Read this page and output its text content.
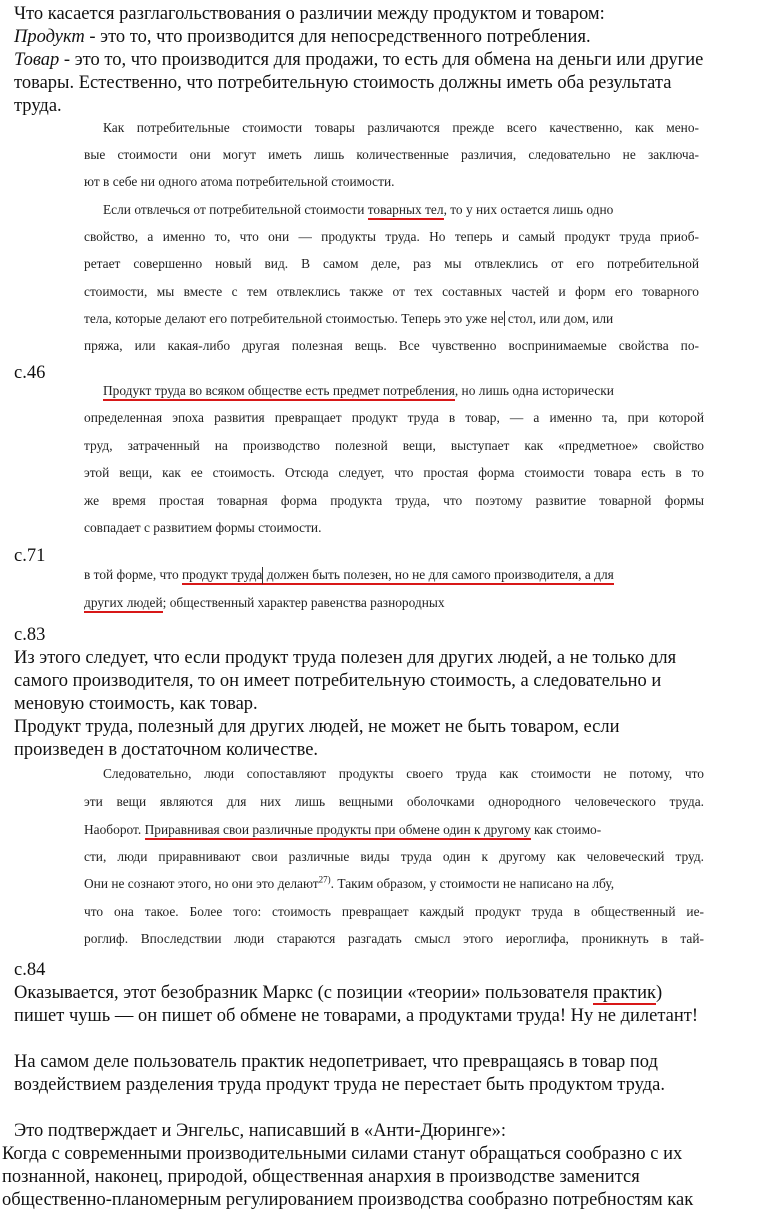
Что касается разглагольствования о различии между продуктом и товаром:
Продукт - это то, что производится для непосредственного потребления.
Товар - это то, что производится для продажи, то есть для обмена на деньги или другие
товары. Естественно, что потребительную стоимость должны иметь оба результата
труда.
Как потребительные стоимости товары различаются прежде всего качественно, как мено-
вые стоимости они могут иметь лишь количественные различия, следовательно не заключа-
ют в себе ни одного атома потребительной стоимости.
Если отвлечься от потребительной стоимости товарных тел, то у них остается лишь одно
свойство, а именно то, что они — продукты труда. Но теперь и самый продукт труда приоб-
ретает совершенно новый вид. В самом деле, раз мы отвлеклись от его потребительной
стоимости, мы вместе с тем отвлеклись также от тех составных частей и форм его товарного
тела, которые делают его потребительной стоимостью. Теперь это уже не стол, или дом, или
пряжа, или какая-либо другая полезная вещь. Все чувственно воспринимаемые свойства по-
с.46
Продукт труда во всяком обществе есть предмет потребления, но лишь одна исторически
определенная эпоха развития превращает продукт труда в товар, — а именно та, при которой
труд, затраченный на производство полезной вещи, выступает как «предметное» свойство
этой вещи, как ее стоимость. Отсюда следует, что простая форма стоимости товара есть в то
же время простая товарная форма продукта труда, что поэтому развитие товарной формы
совпадает с развитием формы стоимости.
с.71
в той форме, что продукт труда должен быть полезен, но не для самого производителя, а для
других людей; общественный характер равенства разнородных
с.83
Из этого следует, что если продукт труда полезен для других людей, а не только для
самого производителя, то он имеет потребительную стоимость, а следовательно и
меновую стоимость, как товар.
Продукт труда, полезный для других людей, не может не быть товаром, если
произведен в достаточном количестве.
Следовательно, люди сопоставляют продукты своего труда как стоимости не потому, что
эти вещи являются для них лишь вещными оболочками однородного человеческого труда.
Наоборот. Приравнивая свои различные продукты при обмене один к другому как стоимо-
сти, люди приравнивают свои различные виды труда один к другому как человеческий труд.
Они не сознают этого, но они это делают$^{27)}$. Таким образом, у стоимости не написано на лбу,
что она такое. Более того: стоимость превращает каждый продукт труда в общественный ие-
роглиф. Впоследствии люди стараются разгадать смысл этого иероглифа, проникнуть в тай-
с.84
Оказывается, этот безобразник Маркс (с позиции «теории» пользователя практик)
пишет чушь — он пишет об обмене не товарами, а продуктами труда! Ну не дилетант!
На самом деле пользователь практик недопетривает, что превращаясь в товар под
воздействием разделения труда продукт труда не перестает быть продуктом труда.
Это подтверждает и Энгельс, написавший в «Анти-Дюринге»:
Когда с современными производительными силами станут обращаться сообразно с их
познанной, наконец, природой, общественная анархия в производстве заменится
общественно-планомерным регулированием производства сообразно потребностям как
